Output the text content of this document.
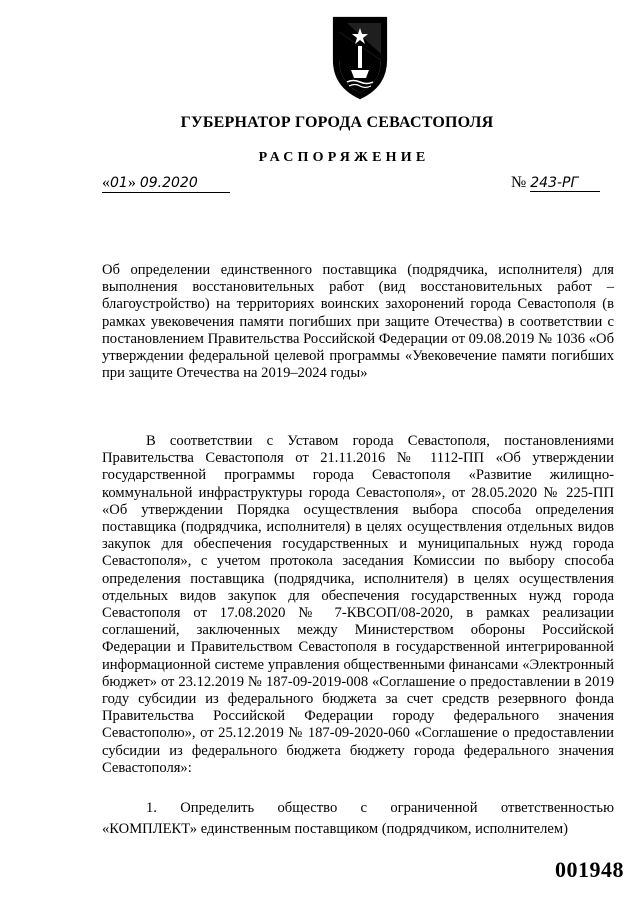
ГУБЕРНАТОР ГОРОДА СЕВАСТОПОЛЯ
РАСПОРЯЖЕНИЕ
«01» 09.2020	№ 243-РГ

Об определении единственного поставщика (подрядчика, исполнителя) для выполнения восстановительных работ (вид восстановительных работ – благоустройство) на территориях воинских захоронений города Севастополя (в рамках увековечения памяти погибших при защите Отечества) в соответствии с постановлением Правительства Российской Федерации от 09.08.2019 № 1036 «Об утверждении федеральной целевой программы «Увековечение памяти погибших при защите Отечества на 2019–2024 годы»

В соответствии с Уставом города Севастополя, постановлениями Правительства Севастополя от 21.11.2016 № 1112-ПП «Об утверждении государственной программы города Севастополя «Развитие жилищно-коммунальной инфраструктуры города Севастополя», от 28.05.2020 № 225-ПП «Об утверждении Порядка осуществления выбора способа определения поставщика (подрядчика, исполнителя) в целях осуществления отдельных видов закупок для обеспечения государственных и муниципальных нужд города Севастополя», с учетом протокола заседания Комиссии по выбору способа определения поставщика (подрядчика, исполнителя) в целях осуществления отдельных видов закупок для обеспечения государственных нужд города Севастополя от 17.08.2020 № 7-КВСОП/08-2020, в рамках реализации соглашений, заключенных между Министерством обороны Российской Федерации и Правительством Севастополя в государственной интегрированной информационной системе управления общественными финансами «Электронный бюджет» от 23.12.2019 № 187-09-2019-008 «Соглашение о предоставлении в 2019 году субсидии из федерального бюджета за счет средств резервного фонда Правительства Российской Федерации городу федерального значения Севастополю», от 25.12.2019 № 187-09-2020-060 «Соглашение о предоставлении субсидии из федерального бюджета бюджету города федерального значения Севастополя»:

1. Определить общество с ограниченной ответственностью «КОМПЛЕКТ» единственным поставщиком (подрядчиком, исполнителем)

001948
